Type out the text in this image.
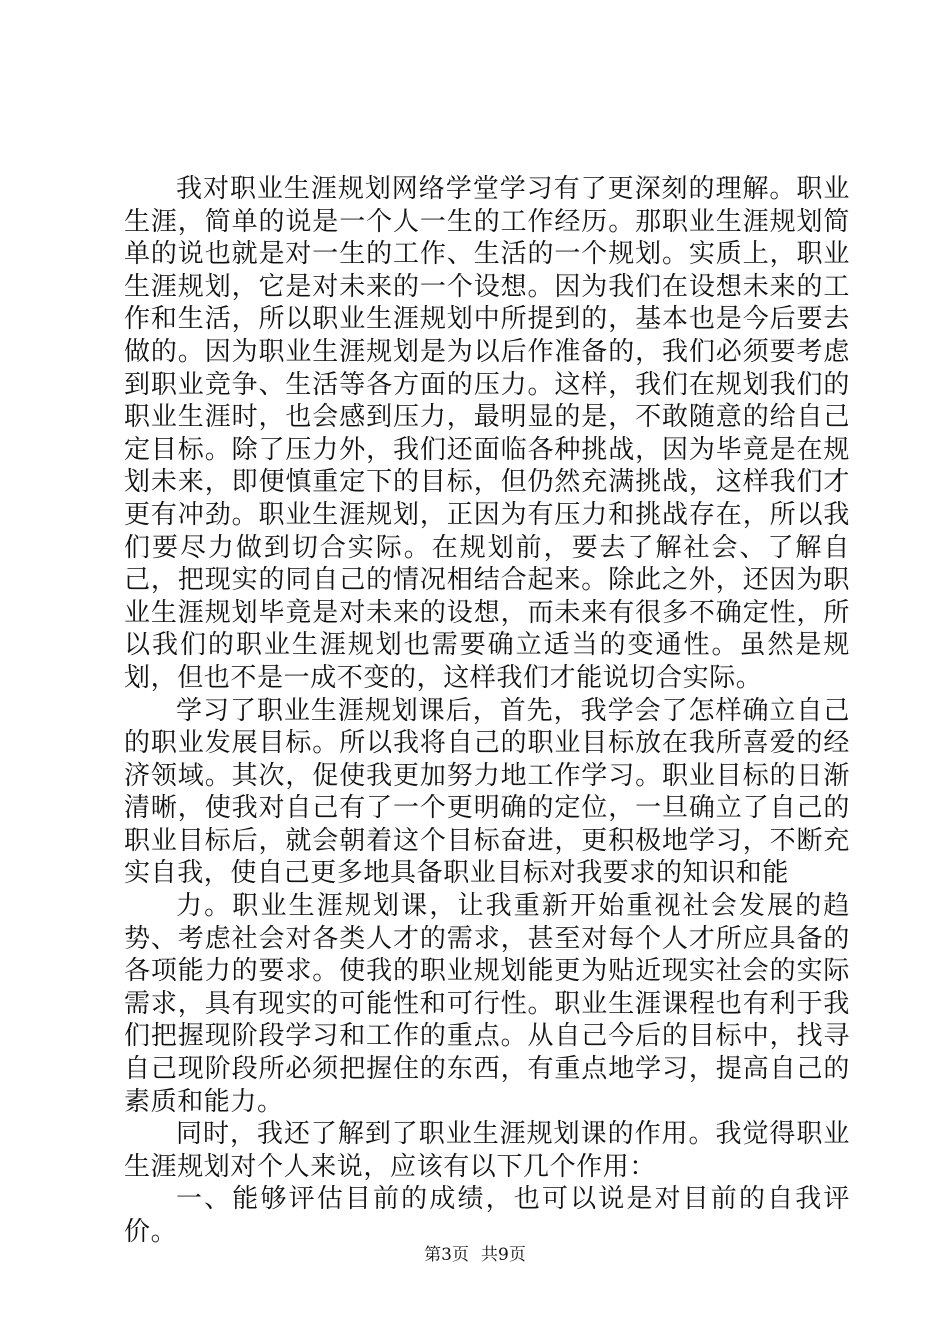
我对职业生涯规划网络学堂学习有了更深刻的理解。职业生涯，简单的说是一个人一生的工作经历。那职业生涯规划简单的说也就是对一生的工作、生活的一个规划。实质上，职业生涯规划，它是对未来的一个设想。因为我们在设想未来的工作和生活，所以职业生涯规划中所提到的，基本也是今后要去做的。因为职业生涯规划是为以后作准备的，我们必须要考虑到职业竞争、生活等各方面的压力。这样，我们在规划我们的职业生涯时，也会感到压力，最明显的是，不敢随意的给自己定目标。除了压力外，我们还面临各种挑战，因为毕竟是在规划未来，即便慎重定下的目标，但仍然充满挑战，这样我们才更有冲劲。职业生涯规划，正因为有压力和挑战存在，所以我们要尽力做到切合实际。在规划前，要去了解社会、了解自己，把现实的同自己的情况相结合起来。除此之外，还因为职业生涯规划毕竟是对未来的设想，而未来有很多不确定性，所以我们的职业生涯规划也需要确立适当的变通性。虽然是规划，但也不是一成不变的，这样我们才能说切合实际。

学习了职业生涯规划课后，首先，我学会了怎样确立自己的职业发展目标。所以我将自己的职业目标放在我所喜爱的经济领域。其次，促使我更加努力地工作学习。职业目标的日渐清晰，使我对自己有了一个更明确的定位，一旦确立了自己的职业目标后，就会朝着这个目标奋进，更积极地学习，不断充实自我，使自己更多地具备职业目标对我要求的知识和能

力。职业生涯规划课，让我重新开始重视社会发展的趋势、考虑社会对各类人才的需求，甚至对每个人才所应具备的各项能力的要求。使我的职业规划能更为贴近现实社会的实际需求，具有现实的可能性和可行性。职业生涯课程也有利于我们把握现阶段学习和工作的重点。从自己今后的目标中，找寻自己现阶段所必须把握住的东西，有重点地学习，提高自己的素质和能力。

同时，我还了解到了职业生涯规划课的作用。我觉得职业生涯规划对个人来说，应该有以下几个作用：

一、能够评估目前的成绩，也可以说是对目前的自我评价。

第3页 共9页
